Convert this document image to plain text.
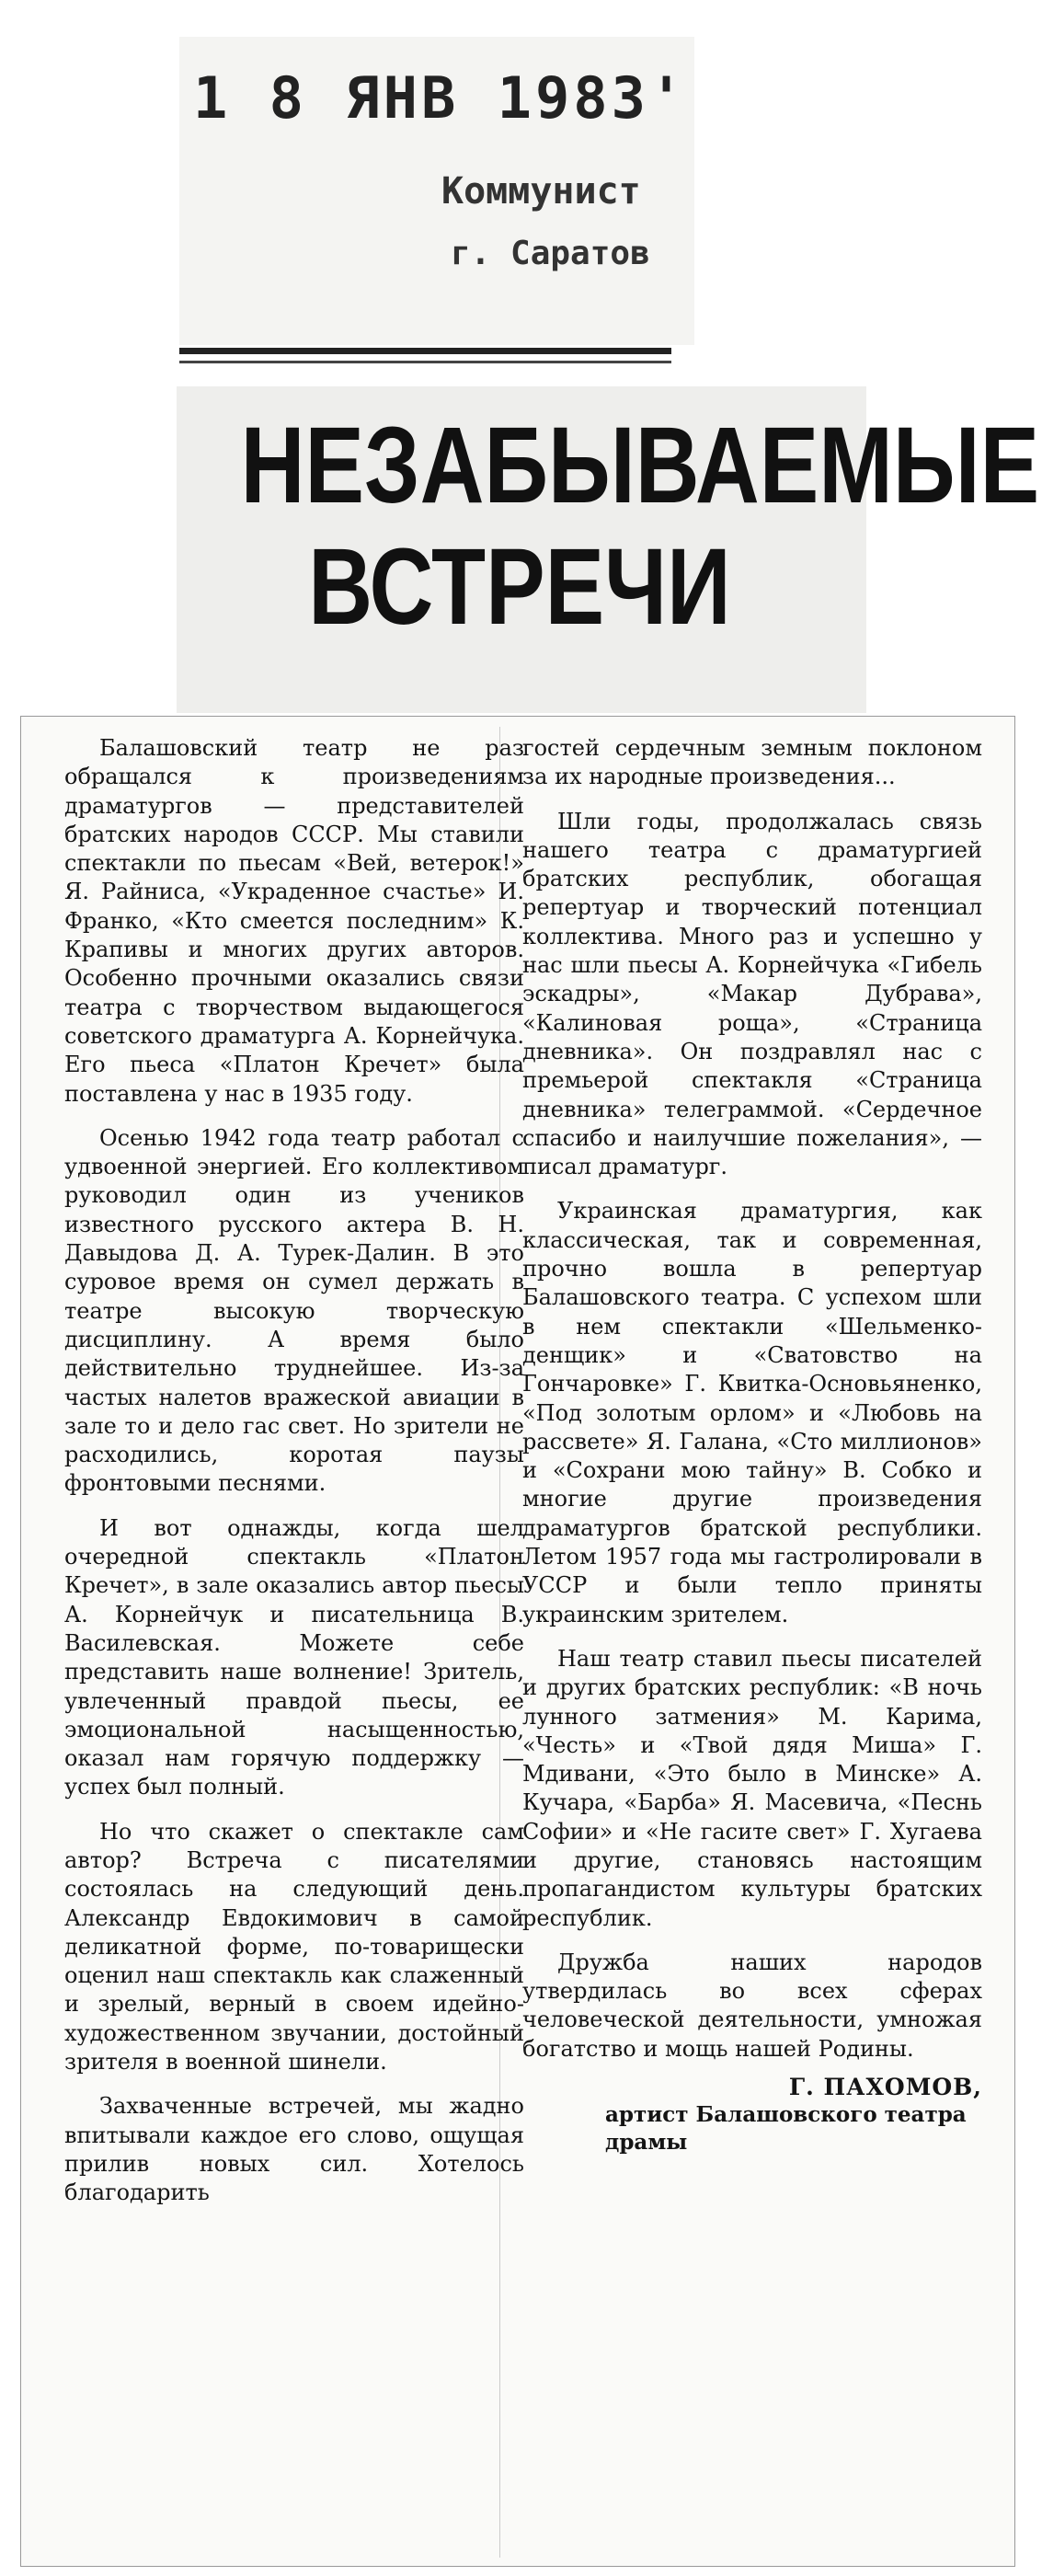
1 8 ЯНВ 1983'
Коммунист
г. Саратов
НЕЗАБЫВАЕМЫЕ
ВСТРЕЧИ

Балашовский театр не раз обращался к произведениям драматургов — представителей братских народов СССР. Мы ставили спектакли по пьесам «Вей, ветерок!» Я. Райниса, «Украденное счастье» И. Франко, «Кто смеется последним» К. Крапивы и многих других авторов. Особенно прочными оказались связи театра с творчеством выдающегося советского драматурга А. Корнейчука. Его пьеса «Платон Кречет» была поставлена у нас в 1935 году.

Осенью 1942 года театр работал с удвоенной энергией. Его коллективом руководил один из учеников известного русского актера В. Н. Давыдова Д. А. Турек-Далин. В это суровое время он сумел держать в театре высокую творческую дисциплину. А время было действительно труднейшее. Из-за частых налетов вражеской авиации в зале то и дело гас свет. Но зрители не расходились, коротая паузы фронтовыми песнями.

И вот однажды, когда шел очередной спектакль «Платон Кречет», в зале оказались автор пьесы А. Корнейчук и писательница В. Василевская. Можете себе представить наше волнение! Зритель, увлеченный правдой пьесы, ее эмоциональной насыщенностью, оказал нам горячую поддержку — успех был полный.

Но что скажет о спектакле сам автор? Встреча с писателями состоялась на следующий день. Александр Евдокимович в самой деликатной форме, по-товарищески оценил наш спектакль как слаженный и зрелый, верный в своем идейно-художественном звучании, достойный зрителя в военной шинели.

Захваченные встречей, мы жадно впитывали каждое его слово, ощущая прилив новых сил. Хотелось благодарить

гостей сердечным земным поклоном за их народные произведения...

Шли годы, продолжалась связь нашего театра с драматургией братских республик, обогащая репертуар и творческий потенциал коллектива. Много раз и успешно у нас шли пьесы А. Корнейчука «Гибель эскадры», «Макар Дубрава», «Калиновая роща», «Страница дневника». Он поздравлял нас с премьерой спектакля «Страница дневника» телеграммой. «Сердечное спасибо и наилучшие пожелания», — писал драматург.

Украинская драматургия, как классическая, так и современная, прочно вошла в репертуар Балашовского театра. С успехом шли в нем спектакли «Шельменко-денщик» и «Сватовство на Гончаровке» Г. Квитка-Основьяненко, «Под золотым орлом» и «Любовь на рассвете» Я. Галана, «Сто миллионов» и «Сохрани мою тайну» В. Собко и многие другие произведения драматургов братской республики. Летом 1957 года мы гастролировали в УССР и были тепло приняты украинским зрителем.

Наш театр ставил пьесы писателей и других братских республик: «В ночь лунного затмения» М. Карима, «Честь» и «Твой дядя Миша» Г. Мдивани, «Это было в Минске» А. Кучара, «Барба» Я. Масевича, «Песнь Софии» и «Не гасите свет» Г. Хугаева и другие, становясь настоящим пропагандистом культуры братских республик.

Дружба наших народов утвердилась во всех сферах человеческой деятельности, умножая богатство и мощь нашей Родины.

Г. ПАХОМОВ,
артист Балашовского театра драмы
